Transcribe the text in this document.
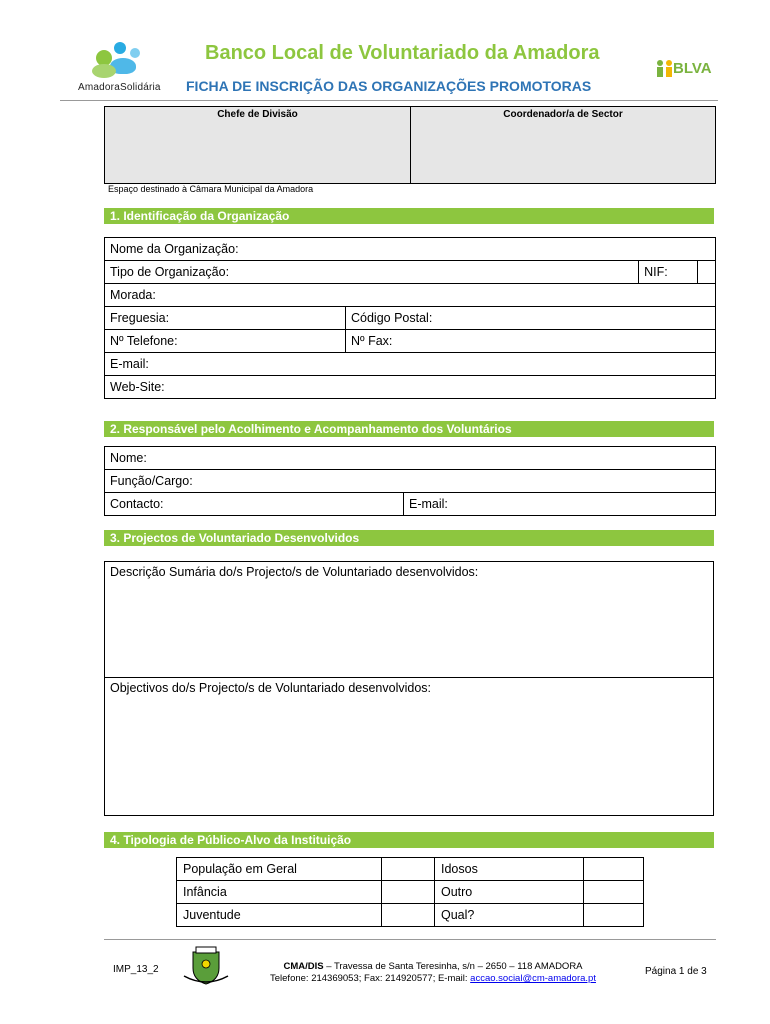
AmadoraSolidária
Banco Local de Voluntariado da Amadora
FICHA DE INSCRIÇÃO DAS ORGANIZAÇÕES PROMOTORAS
BLVA
Chefe de Divisão	Coordenador/a de Sector
Espaço destinado à Câmara Municipal da Amadora
1. Identificação da Organização
Nome da Organização:			
Tipo de Organização:		NIF:	
Morada:			
Freguesia:	Código Postal:		
Nº Telefone:	Nº Fax:		
E-mail:			
Web-Site:			
2. Responsável pelo Acolhimento e Acompanhamento dos Voluntários
Nome:
Função/Cargo:
Contacto:	E-mail:
3. Projectos de Voluntariado Desenvolvidos
Descrição Sumária do/s Projecto/s de Voluntariado desenvolvidos:
Objectivos do/s Projecto/s de Voluntariado desenvolvidos:
4. Tipologia de Público-Alvo da Instituição
População em Geral		Idosos	
Infância		Outro	
Juventude		Qual?	
IMP_13_2	CMA/DIS – Travessa de Santa Teresinha, s/n – 2650 – 118 AMADORA
Telefone: 214369053; Fax: 214920577; E-mail: accao.social@cm-amadora.pt
Página 1 de 3
